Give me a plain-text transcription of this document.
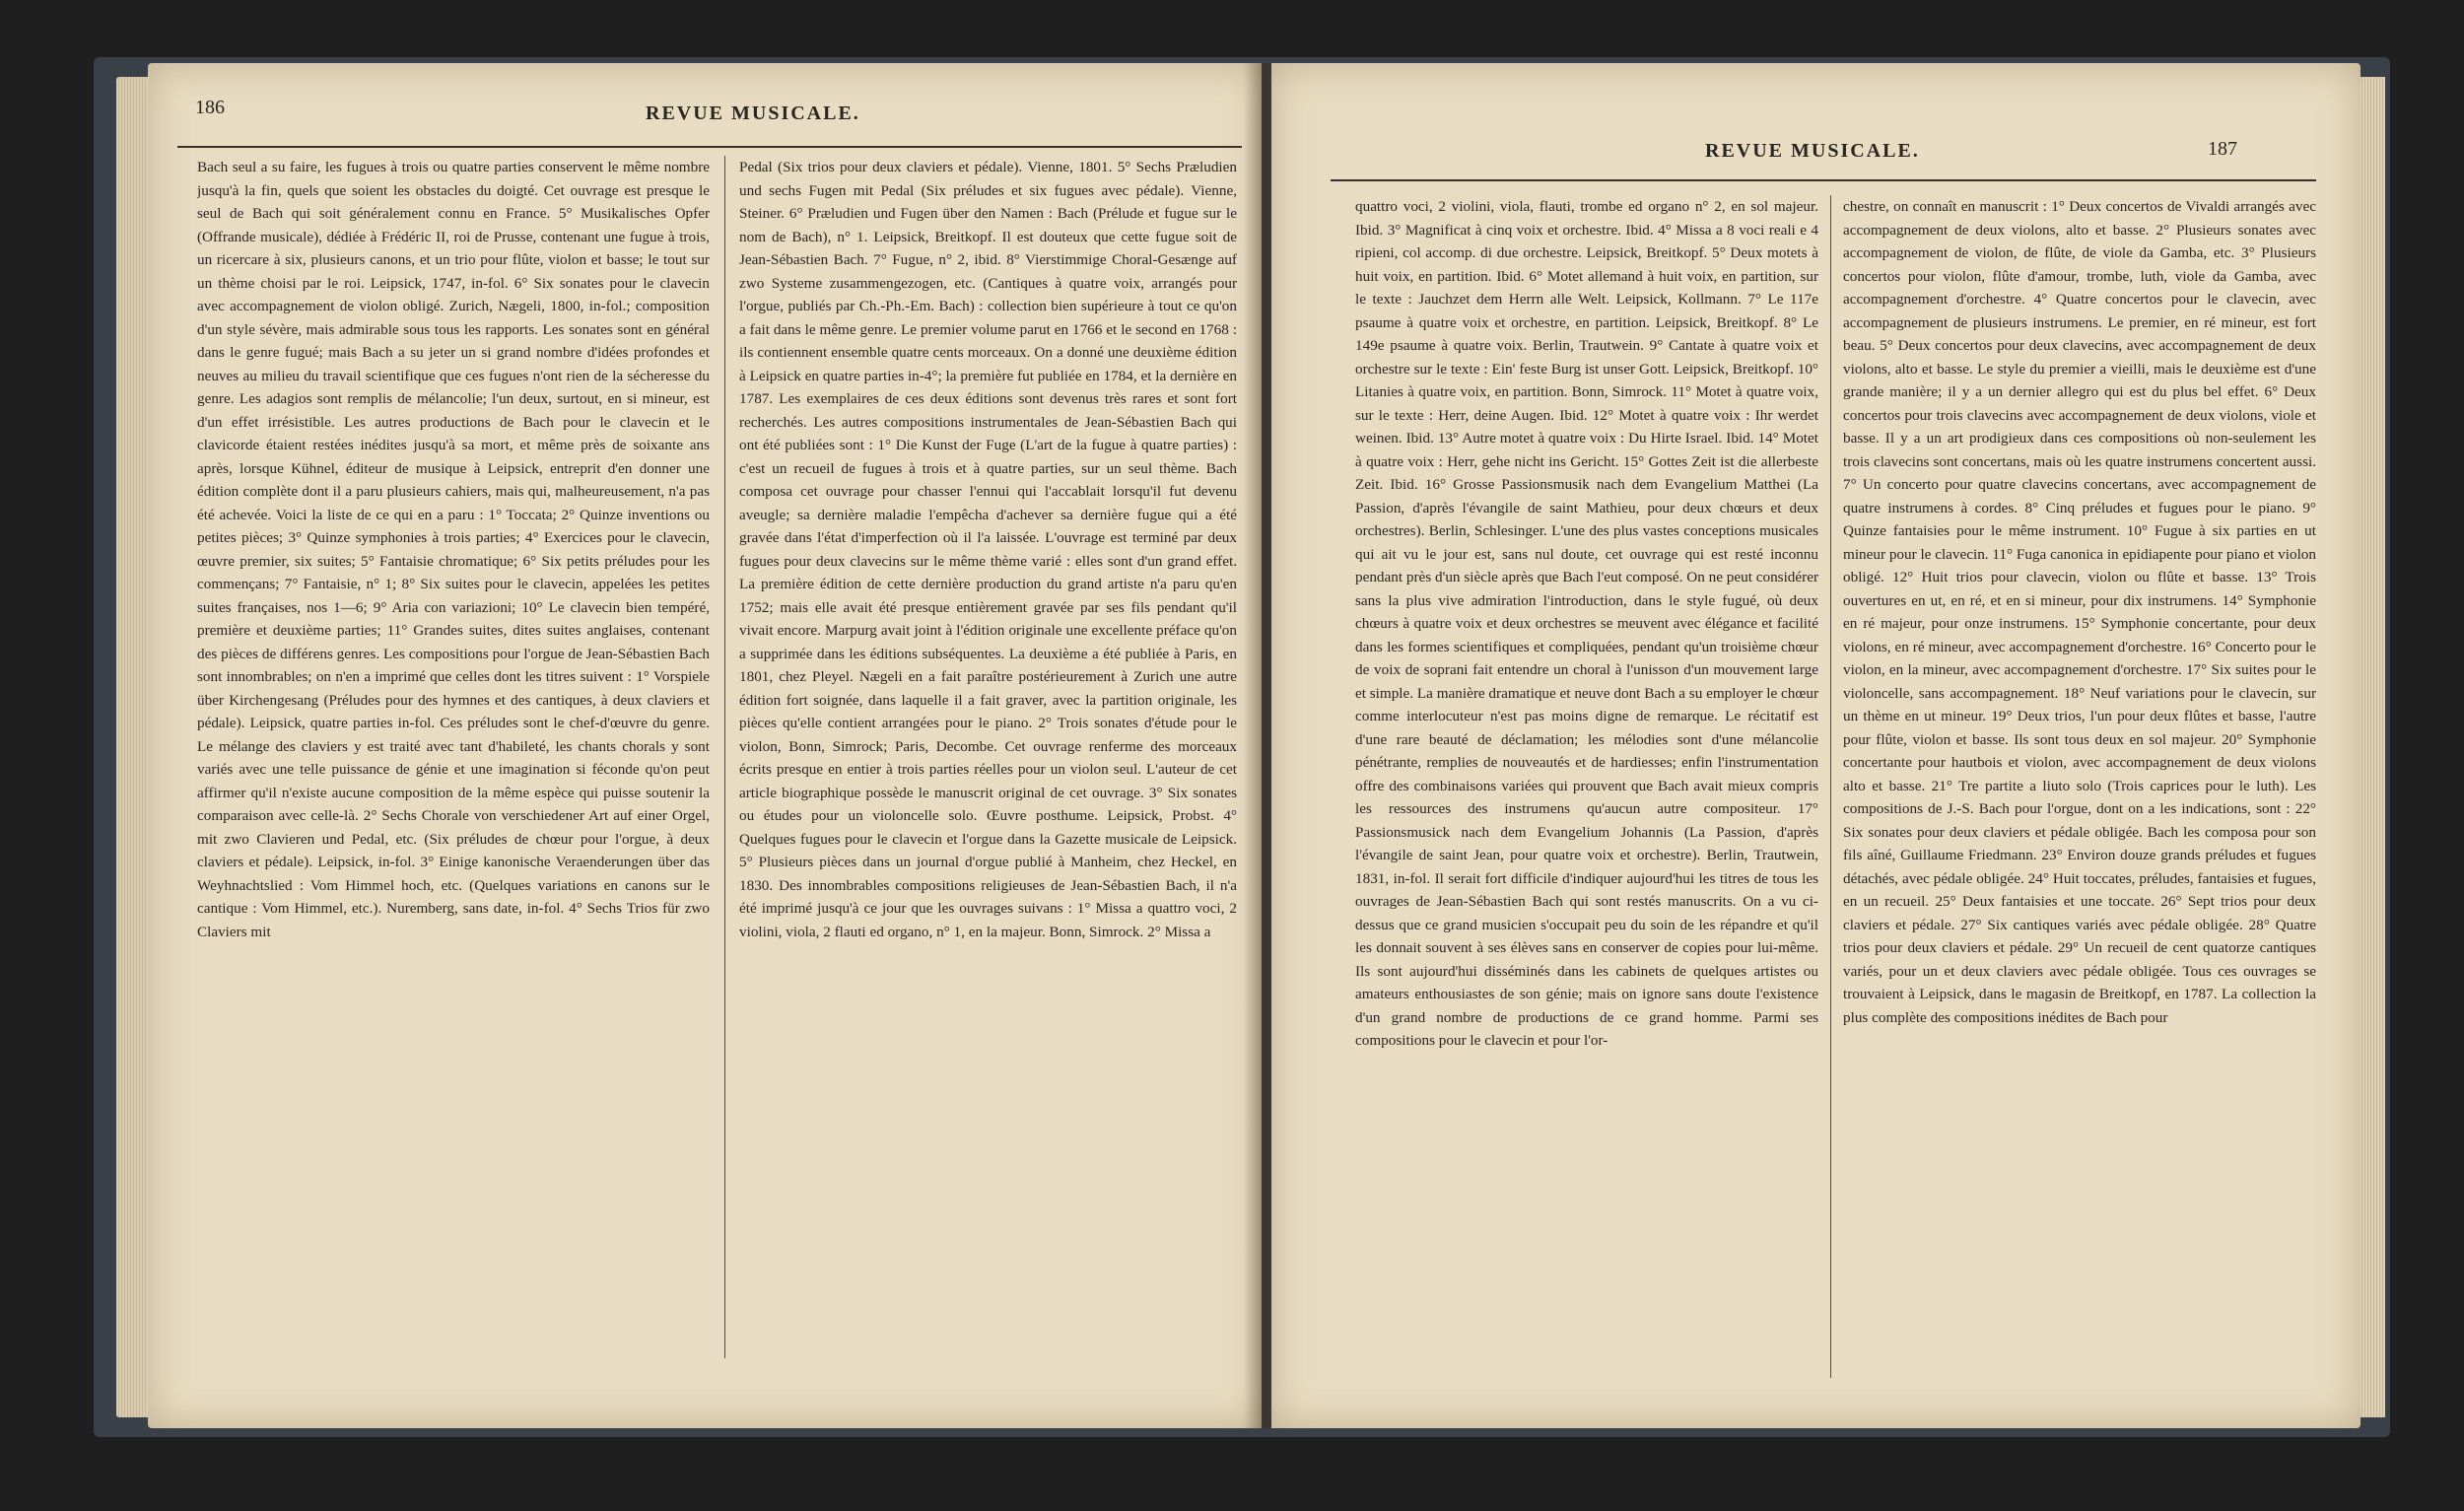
186	REVUE MUSICALE.
Bach seul a su faire, les fugues à trois ou quatre parties conservent le même nombre jusqu'à la fin, quels que soient les obstacles du doigté. Cet ouvrage est presque le seul de Bach qui soit généralement connu en France. 5° Musikalisches Opfer (Offrande musicale), dédiée à Frédéric II, roi de Prusse, contenant une fugue à trois, un ricercare à six, plusieurs canons, et un trio pour flûte, violon et basse; le tout sur un thème choisi par le roi. Leipsick, 1747, in-fol. 6° Six sonates pour le clavecin avec accompagnement de violon obligé. Zurich, Nægeli, 1800, in-fol.; composition d'un style sévère, mais admirable sous tous les rapports. Les sonates sont en général dans le genre fugué; mais Bach a su jeter un si grand nombre d'idées profondes et neuves au milieu du travail scientifique que ces fugues n'ont rien de la sécheresse du genre. Les adagios sont remplis de mélancolie; l'un deux, surtout, en si mineur, est d'un effet irrésistible. Les autres productions de Bach pour le clavecin et le clavicorde étaient restées inédites jusqu'à sa mort, et même près de soixante ans après, lorsque Kühnel, éditeur de musique à Leipsick, entreprit d'en donner une édition complète dont il a paru plusieurs cahiers, mais qui, malheureusement, n'a pas été achevée. Voici la liste de ce qui en a paru : 1° Toccata; 2° Quinze inventions ou petites pièces; 3° Quinze symphonies à trois parties; 4° Exercices pour le clavecin, œuvre premier, six suites; 5° Fantaisie chromatique; 6° Six petits préludes pour les commençans; 7° Fantaisie, n° 1; 8° Six suites pour le clavecin, appelées les petites suites françaises, nos 1—6; 9° Aria con variazioni; 10° Le clavecin bien tempéré, première et deuxième parties; 11° Grandes suites, dites suites anglaises, contenant des pièces de différens genres. Les compositions pour l'orgue de Jean-Sébastien Bach sont innombrables; on n'en a imprimé que celles dont les titres suivent : 1° Vorspiele über Kirchengesang (Préludes pour des hymnes et des cantiques, à deux claviers et pédale). Leipsick, quatre parties in-fol. Ces préludes sont le chef-d'œuvre du genre. Le mélange des claviers y est traité avec tant d'habileté, les chants chorals y sont variés avec une telle puissance de génie et une imagination si féconde qu'on peut affirmer qu'il n'existe aucune composition de la même espèce qui puisse soutenir la comparaison avec celle-là. 2° Sechs Chorale von verschiedener Art auf einer Orgel, mit zwo Clavieren und Pedal, etc. (Six préludes de chœur pour l'orgue, à deux claviers et pédale). Leipsick, in-fol. 3° Einige kanonische Veraenderungen über das Weyhnachtslied : Vom Himmel hoch, etc. (Quelques variations en canons sur le cantique : Vom Himmel, etc.). Nuremberg, sans date, in-fol. 4° Sechs Trios für zwo Claviers mit
Pedal (Six trios pour deux claviers et pédale). Vienne, 1801. 5° Sechs Præludien und sechs Fugen mit Pedal (Six préludes et six fugues avec pédale). Vienne, Steiner. 6° Præludien und Fugen über den Namen : Bach (Prélude et fugue sur le nom de Bach), n° 1. Leipsick, Breitkopf. Il est douteux que cette fugue soit de Jean-Sébastien Bach. 7° Fugue, n° 2, ibid. 8° Vierstimmige Choral-Gesænge auf zwo Systeme zusammengezogen, etc. (Cantiques à quatre voix, arrangés pour l'orgue, publiés par Ch.-Ph.-Em. Bach) : collection bien supérieure à tout ce qu'on a fait dans le même genre. Le premier volume parut en 1766 et le second en 1768 : ils contiennent ensemble quatre cents morceaux. On a donné une deuxième édition à Leipsick en quatre parties in-4°; la première fut publiée en 1784, et la dernière en 1787. Les exemplaires de ces deux éditions sont devenus très rares et sont fort recherchés. Les autres compositions instrumentales de Jean-Sébastien Bach qui ont été publiées sont : 1° Die Kunst der Fuge (L'art de la fugue à quatre parties) : c'est un recueil de fugues à trois et à quatre parties, sur un seul thème. Bach composa cet ouvrage pour chasser l'ennui qui l'accablait lorsqu'il fut devenu aveugle; sa dernière maladie l'empêcha d'achever sa dernière fugue qui a été gravée dans l'état d'imperfection où il l'a laissée. L'ouvrage est terminé par deux fugues pour deux clavecins sur le même thème varié : elles sont d'un grand effet. La première édition de cette dernière production du grand artiste n'a paru qu'en 1752; mais elle avait été presque entièrement gravée par ses fils pendant qu'il vivait encore. Marpurg avait joint à l'édition originale une excellente préface qu'on a supprimée dans les éditions subséquentes. La deuxième a été publiée à Paris, en 1801, chez Pleyel. Nægeli en a fait paraître postérieurement à Zurich une autre édition fort soignée, dans laquelle il a fait graver, avec la partition originale, les pièces qu'elle contient arrangées pour le piano. 2° Trois sonates d'étude pour le violon, Bonn, Simrock; Paris, Decombe. Cet ouvrage renferme des morceaux écrits presque en entier à trois parties réelles pour un violon seul. L'auteur de cet article biographique possède le manuscrit original de cet ouvrage. 3° Six sonates ou études pour un violoncelle solo. Œuvre posthume. Leipsick, Probst. 4° Quelques fugues pour le clavecin et l'orgue dans la Gazette musicale de Leipsick. 5° Plusieurs pièces dans un journal d'orgue publié à Manheim, chez Heckel, en 1830. Des innombrables compositions religieuses de Jean-Sébastien Bach, il n'a été imprimé jusqu'à ce jour que les ouvrages suivans : 1° Missa a quattro voci, 2 violini, viola, 2 flauti ed organo, n° 1, en la majeur. Bonn, Simrock. 2° Missa a
REVUE MUSICALE.	187
quattro voci, 2 violini, viola, flauti, trombe ed organo n° 2, en sol majeur. Ibid. 3° Magnificat à cinq voix et orchestre. Ibid. 4° Missa a 8 voci reali e 4 ripieni, col accomp. di due orchestre. Leipsick, Breitkopf. 5° Deux motets à huit voix, en partition. Ibid. 6° Motet allemand à huit voix, en partition, sur le texte : Jauchzet dem Herrn alle Welt. Leipsick, Kollmann. 7° Le 117e psaume à quatre voix et orchestre, en partition. Leipsick, Breitkopf. 8° Le 149e psaume à quatre voix. Berlin, Trautwein. 9° Cantate à quatre voix et orchestre sur le texte : Ein' feste Burg ist unser Gott. Leipsick, Breitkopf. 10° Litanies à quatre voix, en partition. Bonn, Simrock. 11° Motet à quatre voix, sur le texte : Herr, deine Augen. Ibid. 12° Motet à quatre voix : Ihr werdet weinen. Ibid. 13° Autre motet à quatre voix : Du Hirte Israel. Ibid. 14° Motet à quatre voix : Herr, gehe nicht ins Gericht. 15° Gottes Zeit ist die allerbeste Zeit. Ibid. 16° Grosse Passionsmusik nach dem Evangelium Matthei (La Passion, d'après l'évangile de saint Mathieu, pour deux chœurs et deux orchestres). Berlin, Schlesinger. L'une des plus vastes conceptions musicales qui ait vu le jour est, sans nul doute, cet ouvrage qui est resté inconnu pendant près d'un siècle après que Bach l'eut composé. On ne peut considérer sans la plus vive admiration l'introduction, dans le style fugué, où deux chœurs à quatre voix et deux orchestres se meuvent avec élégance et facilité dans les formes scientifiques et compliquées, pendant qu'un troisième chœur de voix de soprani fait entendre un choral à l'unisson d'un mouvement large et simple. La manière dramatique et neuve dont Bach a su employer le chœur comme interlocuteur n'est pas moins digne de remarque. Le récitatif est d'une rare beauté de déclamation; les mélodies sont d'une mélancolie pénétrante, remplies de nouveautés et de hardiesses; enfin l'instrumentation offre des combinaisons variées qui prouvent que Bach avait mieux compris les ressources des instrumens qu'aucun autre compositeur. 17° Passionsmusick nach dem Evangelium Johannis (La Passion, d'après l'évangile de saint Jean, pour quatre voix et orchestre). Berlin, Trautwein, 1831, in-fol. Il serait fort difficile d'indiquer aujourd'hui les titres de tous les ouvrages de Jean-Sébastien Bach qui sont restés manuscrits. On a vu ci-dessus que ce grand musicien s'occupait peu du soin de les répandre et qu'il les donnait souvent à ses élèves sans en conserver de copies pour lui-même. Ils sont aujourd'hui disséminés dans les cabinets de quelques artistes ou amateurs enthousiastes de son génie; mais on ignore sans doute l'existence d'un grand nombre de productions de ce grand homme. Parmi ses compositions pour le clavecin et pour l'or-
chestre, on connaît en manuscrit : 1° Deux concertos de Vivaldi arrangés avec accompagnement de deux violons, alto et basse. 2° Plusieurs sonates avec accompagnement de violon, de flûte, de viole da Gamba, etc. 3° Plusieurs concertos pour violon, flûte d'amour, trombe, luth, viole da Gamba, avec accompagnement d'orchestre. 4° Quatre concertos pour le clavecin, avec accompagnement de plusieurs instrumens. Le premier, en ré mineur, est fort beau. 5° Deux concertos pour deux clavecins, avec accompagnement de deux violons, alto et basse. Le style du premier a vieilli, mais le deuxième est d'une grande manière; il y a un dernier allegro qui est du plus bel effet. 6° Deux concertos pour trois clavecins avec accompagnement de deux violons, viole et basse. Il y a un art prodigieux dans ces compositions où non-seulement les trois clavecins sont concertans, mais où les quatre instrumens concertent aussi. 7° Un concerto pour quatre clavecins concertans, avec accompagnement de quatre instrumens à cordes. 8° Cinq préludes et fugues pour le piano. 9° Quinze fantaisies pour le même instrument. 10° Fugue à six parties en ut mineur pour le clavecin. 11° Fuga canonica in epidiapente pour piano et violon obligé. 12° Huit trios pour clavecin, violon ou flûte et basse. 13° Trois ouvertures en ut, en ré, et en si mineur, pour dix instrumens. 14° Symphonie en ré majeur, pour onze instrumens. 15° Symphonie concertante, pour deux violons, en ré mineur, avec accompagnement d'orchestre. 16° Concerto pour le violon, en la mineur, avec accompagnement d'orchestre. 17° Six suites pour le violoncelle, sans accompagnement. 18° Neuf variations pour le clavecin, sur un thème en ut mineur. 19° Deux trios, l'un pour deux flûtes et basse, l'autre pour flûte, violon et basse. Ils sont tous deux en sol majeur. 20° Symphonie concertante pour hautbois et violon, avec accompagnement de deux violons alto et basse. 21° Tre partite a liuto solo (Trois caprices pour le luth). Les compositions de J.-S. Bach pour l'orgue, dont on a les indications, sont : 22° Six sonates pour deux claviers et pédale obligée. Bach les composa pour son fils aîné, Guillaume Friedmann. 23° Environ douze grands préludes et fugues détachés, avec pédale obligée. 24° Huit toccates, préludes, fantaisies et fugues, en un recueil. 25° Deux fantaisies et une toccate. 26° Sept trios pour deux claviers et pédale. 27° Six cantiques variés avec pédale obligée. 28° Quatre trios pour deux claviers et pédale. 29° Un recueil de cent quatorze cantiques variés, pour un et deux claviers avec pédale obligée. Tous ces ouvrages se trouvaient à Leipsick, dans le magasin de Breitkopf, en 1787. La collection la plus complète des compositions inédites de Bach pour
